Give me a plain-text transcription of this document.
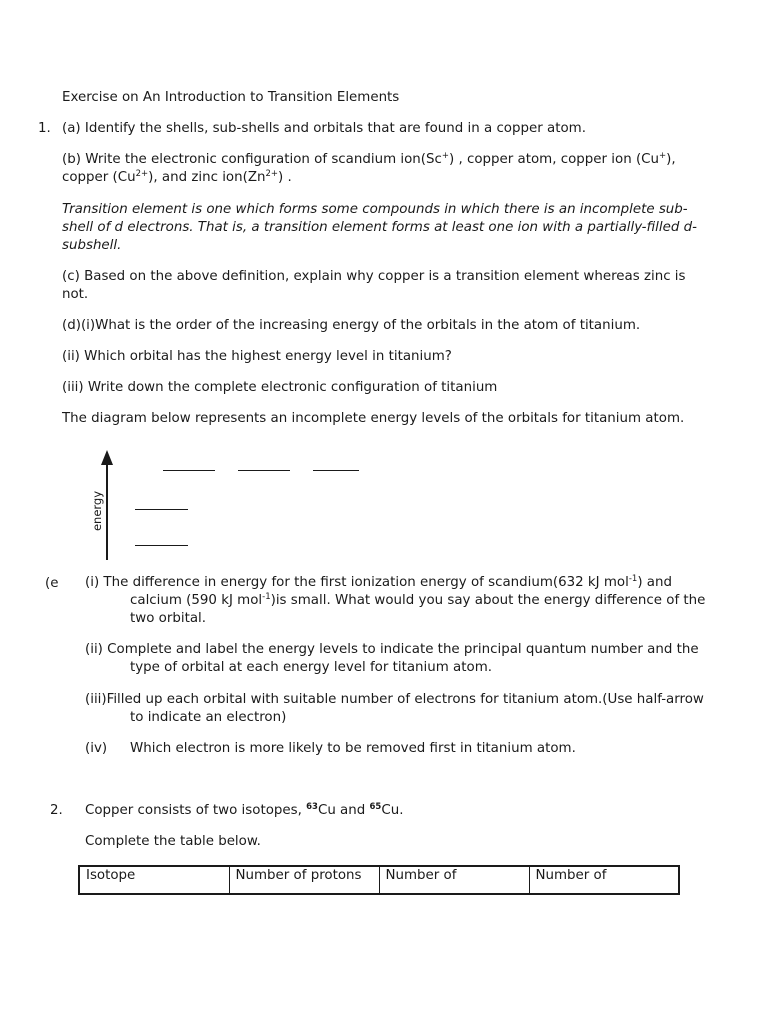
Exercise on An Introduction to Transition Elements
1. (a) Identify the shells, sub-shells and orbitals that are found in a copper atom.
(b) Write the electronic configuration of scandium ion(Sc+) , copper atom, copper ion (Cu+),
copper $(Cu^{2+})$, and zinc $ion(Zn^{2+})$ .
Transition element is one which forms some compounds in which there is an incomplete sub-
shell of d electrons. That is, a transition element forms at least one ion with a partially-filled d-
subshell.
(c) Based on the above definition, explain why copper is a transition element whereas zinc is
not.
(d)(i)What is the order of the increasing energy of the orbitals in the atom of titanium.
(ii) Which orbital has the highest energy level in titanium?
(iii) Write down the complete electronic configuration of titanium
The diagram below represents an incomplete energy levels of the orbitals for titanium atom.
energy
(e (i) The difference in energy for the first ionization energy of scandium(632 kJ mol$^{-1}$) and
calcium (590 kJ mol$^{-1}$)is small. What would you say about the energy difference of the
two orbital.
(ii) Complete and label the energy levels to indicate the principal quantum number and the
type of orbital at each energy level for titanium atom.
(iii)Filled up each orbital with suitable number of electrons for titanium atom.(Use half-arrow
to indicate an electron)
(iv) Which electron is more likely to be removed first in titanium atom.
2. Copper consists of two isotopes, $^{63}$Cu and $^{65}$Cu.
Complete the table below.
Isotope	Number of protons	Number of	Number of
